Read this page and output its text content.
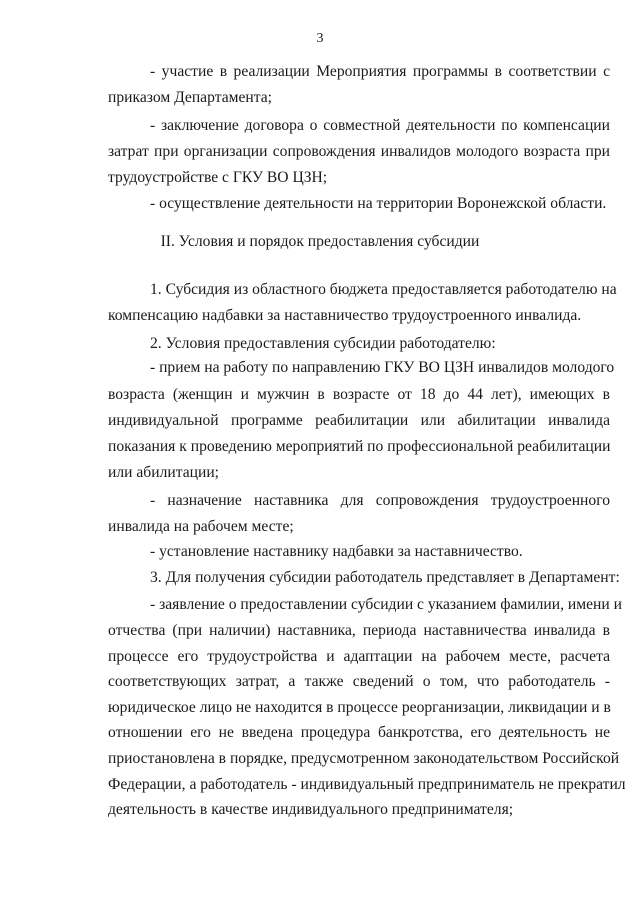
3
- участие в реализации Мероприятия программы в соответствии с
приказом Департамента;
- заключение договора о совместной деятельности по компенсации
затрат при организации сопровождения инвалидов молодого возраста при
трудоустройстве с ГКУ ВО ЦЗН;
- осуществление деятельности на территории Воронежской области.
II. Условия и порядок предоставления субсидии
1. Субсидия из областного бюджета предоставляется работодателю на
компенсацию надбавки за наставничество трудоустроенного инвалида.
2. Условия предоставления субсидии работодателю:
- прием на работу по направлению ГКУ ВО ЦЗН инвалидов молодого
возраста (женщин и мужчин в возрасте от 18 до 44 лет), имеющих в
индивидуальной программе реабилитации или абилитации инвалида
показания к проведению мероприятий по профессиональной реабилитации
или абилитации;
- назначение наставника для сопровождения трудоустроенного
инвалида на рабочем месте;
- установление наставнику надбавки за наставничество.
3. Для получения субсидии работодатель представляет в Департамент:
- заявление о предоставлении субсидии с указанием фамилии, имени и
отчества (при наличии) наставника, периода наставничества инвалида в
процессе его трудоустройства и адаптации на рабочем месте, расчета
соответствующих затрат, а также сведений о том, что работодатель -
юридическое лицо не находится в процессе реорганизации, ликвидации и в
отношении его не введена процедура банкротства, его деятельность не
приостановлена в порядке, предусмотренном законодательством Российской
Федерации, а работодатель - индивидуальный предприниматель не прекратил
деятельность в качестве индивидуального предпринимателя;
